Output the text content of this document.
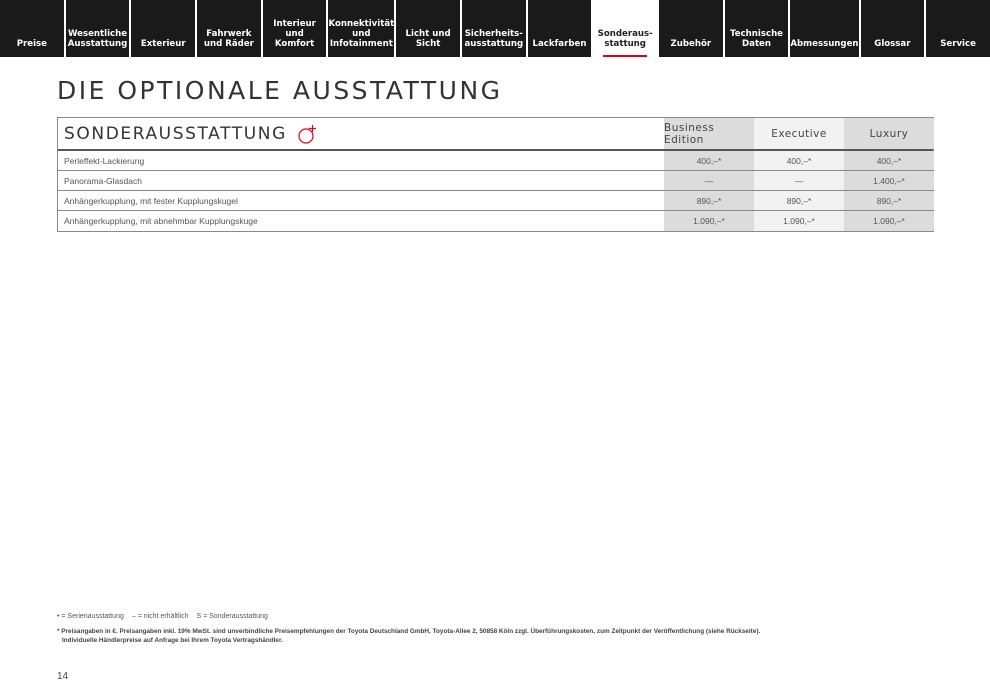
Preise
Wesentliche
Ausstattung	Exterieur
Fahrwerk
und Räder
Interieur und
Komfort
Konnektivität
und
Infotainment
Licht und Sicht
Sicherheits-
ausstattung	Lackfarben
Sonderaus-
stattung	Zubehör
Technische
Daten	Abmessungen	Glossar	Service
DIE OPTIONALE AUSSTATTUNG
SONDERAUSSTATTUNG	Business Edition	Executive	Luxury
Perleffekt-Lackierung	400,–*	400,–*	400,–*
Panorama-Glasdach	—	—	1.400,–*
Anhängerkupplung, mit fester Kupplungskugel	890,–*	890,–*	890,–*
Anhängerkupplung, mit abnehmbar Kupplungskuge	1.090,–*	1.090,–*	1.090,–*
• = Serienausstattung – = nicht erhältlich S = Sonderausstattung
* Preisangaben in €. Preisangaben inkl. 19% MwSt. sind unverbindliche Preisempfehlungen der Toyota Deutschland GmbH, Toyota-Allee 2, 50858 Köln zzgl. Überführungskosten, zum Zeitpunkt der Veröffentlichung (siehe Rückseite).
Individuelle Händlerpreise auf Anfrage bei Ihrem Toyota Vertragshändler.
14
